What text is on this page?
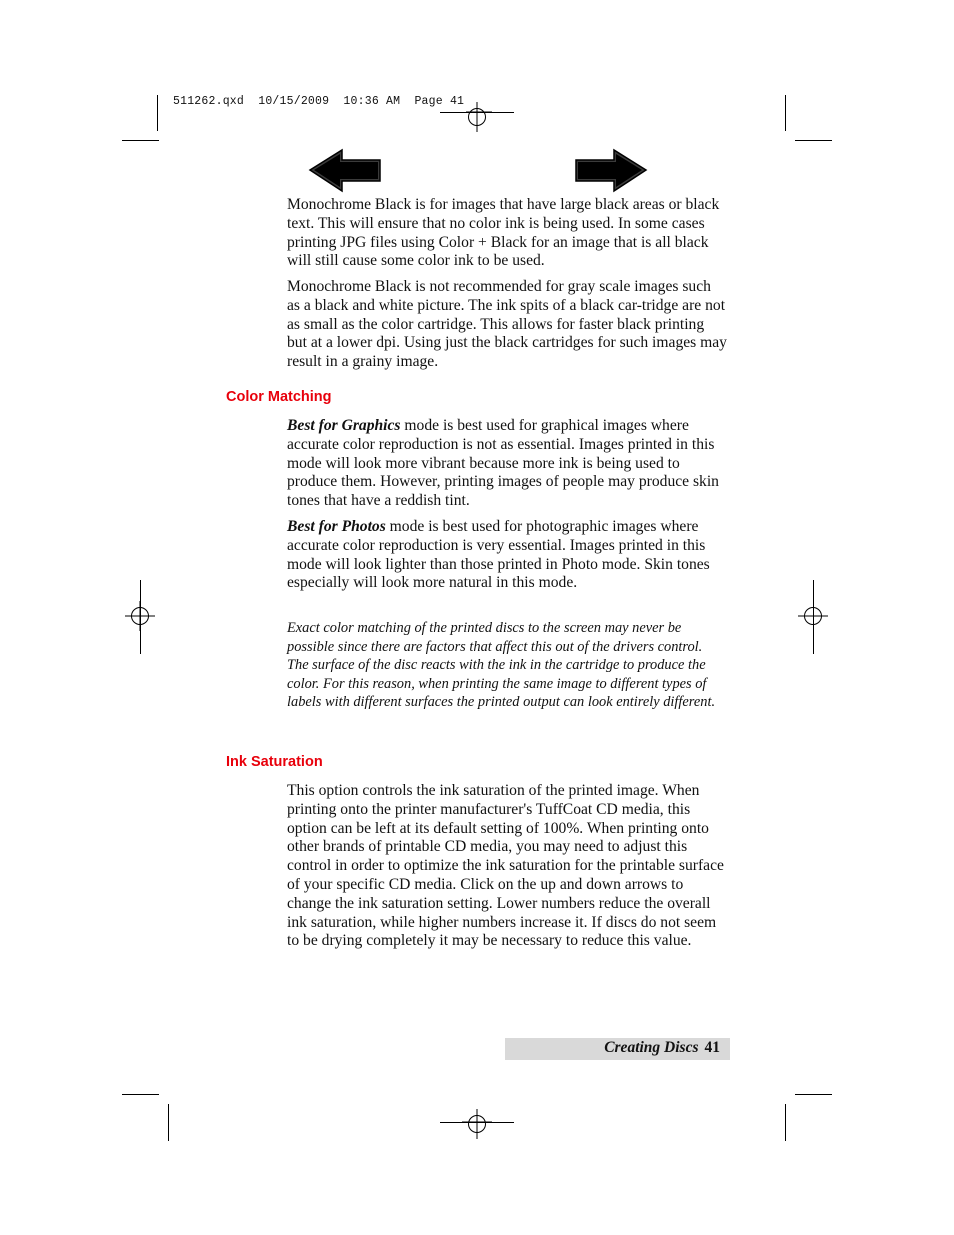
511262.qxd  10/15/2009  10:36 AM  Page 41

Monochrome Black is for images that have large black areas or black text. This will ensure that no color ink is being used. In some cases printing JPG files using Color + Black for an image that is all black will still cause some color ink to be used.

Monochrome Black is not recommended for gray scale images such as a black and white picture. The ink spits of a black car-tridge are not as small as the color cartridge. This allows for faster black printing but at a lower dpi. Using just the black cartridges for such images may result in a grainy image.

Color Matching

Best for Graphics mode is best used for graphical images where accurate color reproduction is not as essential. Images printed in this mode will look more vibrant because more ink is being used to produce them. However, printing images of people may produce skin tones that have a reddish tint.

Best for Photos mode is best used for photographic images where accurate color reproduction is very essential. Images printed in this mode will look lighter than those printed in Photo mode. Skin tones especially will look more natural in this mode.

Exact color matching of the printed discs to the screen may never be possible since there are factors that affect this out of the drivers control. The surface of the disc reacts with the ink in the cartridge to produce the color. For this reason, when printing the same image to different types of labels with different surfaces the printed output can look entirely different.

Ink Saturation

This option controls the ink saturation of the printed image. When printing onto the printer manufacturer's TuffCoat CD media, this option can be left at its default setting of 100%. When printing onto other brands of printable CD media, you may need to adjust this control in order to optimize the ink saturation for the printable surface of your specific CD media. Click on the up and down arrows to change the ink saturation setting. Lower numbers reduce the overall ink saturation, while higher numbers increase it. If discs do not seem to be drying completely it may be necessary to reduce this value.

Creating Discs 41
